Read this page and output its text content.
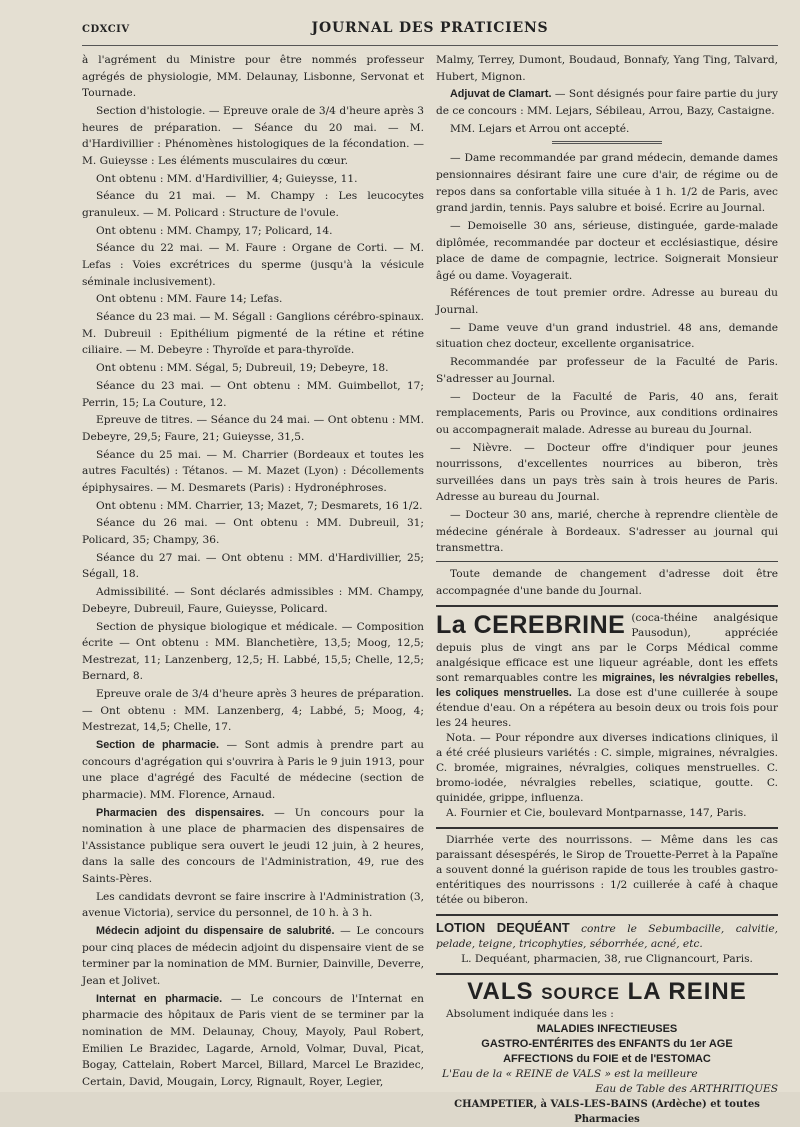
CDXCIV	JOURNAL DES PRATICIENS

à l'agrément du Ministre pour être nommés professeur agrégés de physiologie, MM. Delaunay, Lisbonne, Servonat et Tournade.

Section d'histologie. — Epreuve orale de 3/4 d'heure après 3 heures de préparation. — Séance du 20 mai. — M. d'Hardivillier : Phénomènes histologiques de la fécondation. — M. Guieysse : Les éléments musculaires du cœur.

Ont obtenu : MM. d'Hardivillier, 4; Guieysse, 11.

Séance du 21 mai. — M. Champy : Les leucocytes granuleux. — M. Policard : Structure de l'ovule.

Ont obtenu : MM. Champy, 17; Policard, 14.

Séance du 22 mai. — M. Faure : Organe de Corti. — M. Lefas : Voies excrétrices du sperme (jusqu'à la vésicule séminale inclusivement).

Ont obtenu : MM. Faure 14; Lefas.

Séance du 23 mai. — M. Ségall : Ganglions cérébro-spinaux. M. Dubreuil : Epithélium pigmenté de la rétine et rétine ciliaire. — M. Debeyre : Thyroïde et para-thyroïde.

Ont obtenu : MM. Ségal, 5; Dubreuil, 19; Debeyre, 18.

Séance du 23 mai. — Ont obtenu : MM. Guimbellot, 17; Perrin, 15; La Couture, 12.

Epreuve de titres. — Séance du 24 mai. — Ont obtenu : MM. Debeyre, 29,5; Faure, 21; Guieysse, 31,5.

Séance du 25 mai. — M. Charrier (Bordeaux et toutes les autres Facultés) : Tétanos. — M. Mazet (Lyon) : Décollements épiphysaires. — M. Desmarets (Paris) : Hydronéphroses.

Ont obtenu : MM. Charrier, 13; Mazet, 7; Desmarets, 16 1/2.

Séance du 26 mai. — Ont obtenu : MM. Dubreuil, 31; Policard, 35; Champy, 36.

Séance du 27 mai. — Ont obtenu : MM. d'Hardivillier, 25; Ségall, 18.

Admissibilité. — Sont déclarés admissibles : MM. Champy, Debeyre, Dubreuil, Faure, Guieysse, Policard.

Section de physique biologique et médicale. — Composition écrite — Ont obtenu : MM. Blanchetière, 13,5; Moog, 12,5; Mestrezat, 11; Lanzenberg, 12,5; H. Labbé, 15,5; Chelle, 12,5; Bernard, 8.

Epreuve orale de 3/4 d'heure après 3 heures de préparation. — Ont obtenu : MM. Lanzenberg, 4; Labbé, 5; Moog, 4; Mestrezat, 14,5; Chelle, 17.

Section de pharmacie. — Sont admis à prendre part au concours d'agrégation qui s'ouvrira à Paris le 9 juin 1913, pour une place d'agrégé des Faculté de médecine (section de pharmacie). MM. Florence, Arnaud.

Pharmacien des dispensaires. — Un concours pour la nomination à une place de pharmacien des dispensaires de l'Assistance publique sera ouvert le jeudi 12 juin, à 2 heures, dans la salle des concours de l'Administration, 49, rue des Saints-Pères.

Les candidats devront se faire inscrire à l'Administration (3, avenue Victoria), service du personnel, de 10 h. à 3 h.

Médecin adjoint du dispensaire de salubrité. — Le concours pour cinq places de médecin adjoint du dispensaire vient de se terminer par la nomination de MM. Burnier, Dainville, Deverre, Jean et Jolivet.

Internat en pharmacie. — Le concours de l'Internat en pharmacie des hôpitaux de Paris vient de se terminer par la nomination de MM. Delaunay, Chouy, Mayoly, Paul Robert, Emilien Le Brazidec, Lagarde, Arnold, Volmar, Duval, Picat, Bogay, Cattelain, Robert Marcel, Billard, Marcel Le Brazidec, Certain, David, Mougain, Lorcy, Rignault, Royer, Legier,

Malmy, Terrey, Dumont, Boudaud, Bonnafy, Yang Ting, Talvard, Hubert, Mignon.

Adjuvat de Clamart. — Sont désignés pour faire partie du jury de ce concours : MM. Lejars, Sébileau, Arrou, Bazy, Castaigne.

MM. Lejars et Arrou ont accepté.

— Dame recommandée par grand médecin, demande dames pensionnaires désirant faire une cure d'air, de régime ou de repos dans sa confortable villa située à 1 h. 1/2 de Paris, avec grand jardin, tennis. Pays salubre et boisé. Ecrire au Journal.

— Demoiselle 30 ans, sérieuse, distinguée, garde-malade diplômée, recommandée par docteur et ecclésiastique, désire place de dame de compagnie, lectrice. Soignerait Monsieur âgé ou dame. Voyagerait.

Références de tout premier ordre. Adresse au bureau du Journal.

— Dame veuve d'un grand industriel. 48 ans, demande situation chez docteur, excellente organisatrice.

Recommandée par professeur de la Faculté de Paris. S'adresser au Journal.

— Docteur de la Faculté de Paris, 40 ans, ferait remplacements, Paris ou Province, aux conditions ordinaires ou accompagnerait malade. Adresse au bureau du Journal.

— Nièvre. — Docteur offre d'indiquer pour jeunes nourrissons, d'excellentes nourrices au biberon, très surveillées dans un pays très sain à trois heures de Paris. Adresse au bureau du Journal.

— Docteur 30 ans, marié, cherche à reprendre clientèle de médecine générale à Bordeaux. S'adresser au journal qui transmettra.

Toute demande de changement d'adresse doit être accompagnée d'une bande du Journal.

La CEREBRINE (coca-théine analgésique Pausodun), appréciée depuis plus de vingt ans par le Corps Médical comme analgésique efficace est une liqueur agréable, dont les effets sont remarquables contre les migraines, les névralgies rebelles, les coliques menstruelles. La dose est d'une cuillerée à soupe étendue d'eau. On a répétera au besoin deux ou trois fois pour les 24 heures.
Nota. — Pour répondre aux diverses indications cliniques, il a été créé plusieurs variétés : C. simple, migraines, névralgies. C. bromée, migraines, névralgies, coliques menstruelles. C. bromo-iodée, névralgies rebelles, sciatique, goutte. C. quinidée, grippe, influenza.
A. Fournier et Cie, boulevard Montparnasse, 147, Paris.
Diarrhée verte des nourrissons. — Même dans les cas paraissant désespérés, le Sirop de Trouette-Perret à la Papaïne a souvent donné la guérison rapide de tous les troubles gastro-entéritiques des nourrissons : 1/2 cuillerée à café à chaque tétée ou biberon.
LOTION DEQUÉANT contre le Sebumbacille, calvitie, pelade, teigne, tricophyties, séborrhée, acné, etc.
L. Dequéant, pharmacien, 38, rue Clignancourt, Paris.
VALS SOURCE LA REINE
Absolument indiquée dans les :
MALADIES INFECTIEUSES
GASTRO-ENTÉRITES des ENFANTS du 1er AGE
AFFECTIONS du FOIE et de l'ESTOMAC
L'Eau de la « REINE de VALS » est la meilleure
Eau de Table des ARTHRITIQUES
CHAMPETIER, à VALS-LES-BAINS (Ardèche) et toutes Pharmacies
